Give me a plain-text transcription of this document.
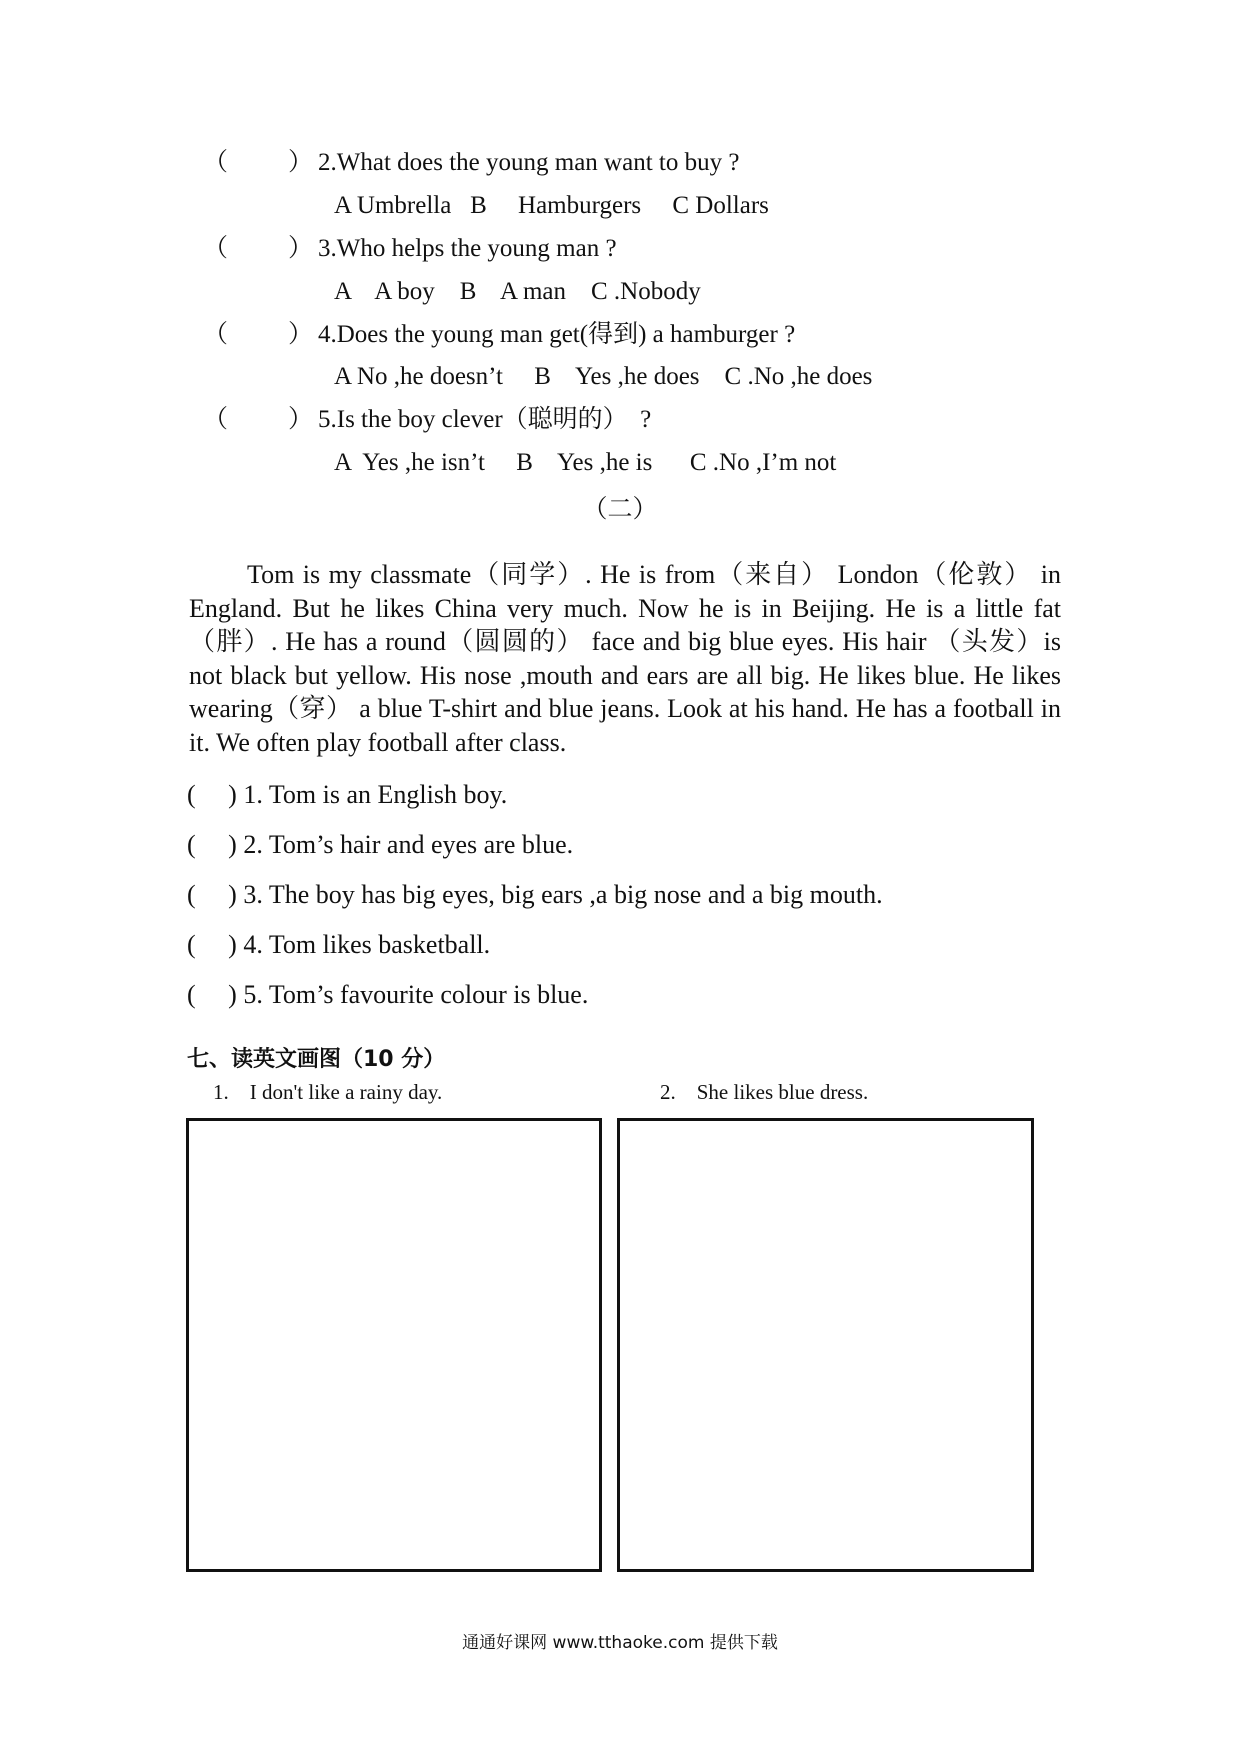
（ ） 2.What does the young man want to buy ?
A Umbrella   B     Hamburgers     C Dollars
（ ） 3.Who helps the young man ?
A    A boy    B    A man    C .Nobody
（ ） 4.Does the young man get(得到) a hamburger ?
A No ,he doesn’t     B    Yes ,he does    C .No ,he does
（ ） 5.Is the boy clever（聪明的）  ?
A  Yes ,he isn’t     B    Yes ,he is      C .No ,I’m not
（二）
Tom is my classmate（同学）. He is from（来自） London（伦敦） in England. But he likes China very much. Now he is in Beijing. He is a little fat（胖）. He has a round（圆圆的） face and big blue eyes. His hair （头发）is not black but yellow. His nose ,mouth and ears are all big. He likes blue. He likes wearing（穿） a blue T-shirt and blue jeans. Look at his hand. He has a football in it. We often play football after class.
(     ) 1. Tom is an English boy.
(     ) 2. Tom’s hair and eyes are blue.
(     ) 3. The boy has big eyes, big ears ,a big nose and a big mouth.
(     ) 4. Tom likes basketball.
(     ) 5. Tom’s favourite colour is blue.
七、读英文画图（10 分）
1.    I don't like a rainy day.	2.    She likes blue dress.
通通好课网 www.tthaoke.com 提供下载
